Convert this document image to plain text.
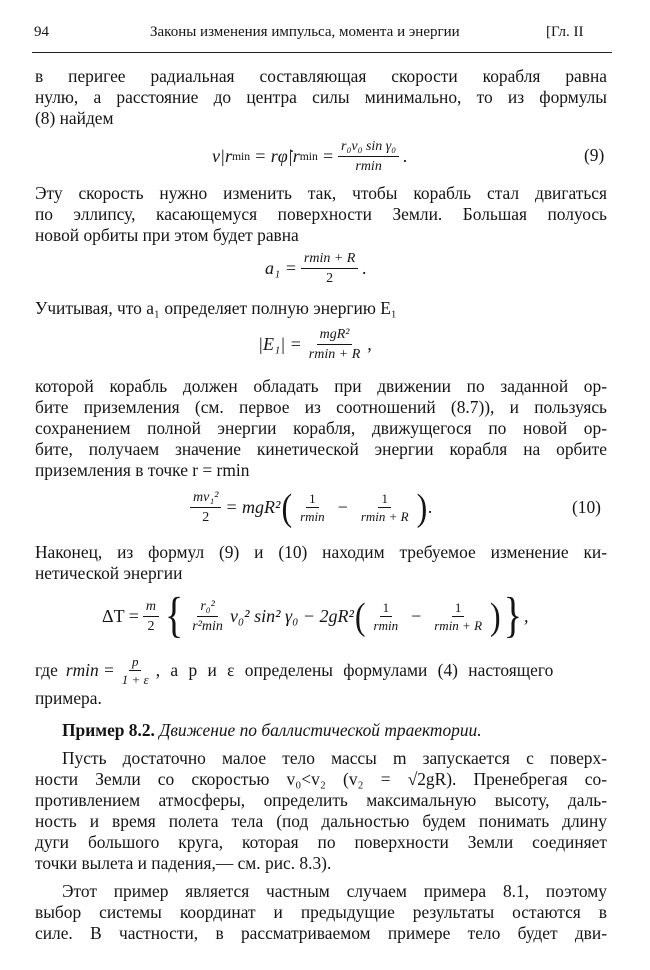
94	Законы изменения импульса, момента и энергии	[Гл. II
в перигее радиальная составляющая скорости корабля равна
нулю, а расстояние до центра силы минимально, то из формулы
(8) найдем
v|r min = rφ̇|r $\min = \frac{\text{r₀v₀ sin γ₀}}{rmin}$ .	(9)
Эту скорость нужно изменить так, чтобы корабль стал двигаться
по эллипсу, касающемуся поверхности Земли. Большая полуось
новой орбиты при этом будет равна
$a_1 = \frac{rmin + R}{2}$ .
Учитывая, что a₁ определяет полную энергию E₁
$|E_1| = \frac{\text{mgR²}}{rmin + R}$ ,
которой корабль должен обладать при движении по заданной ор-
бите приземления (см. первое из соотношений (8.7)), и пользуясь
сохранением полной энергии корабля, движущегося по новой ор-
бите, получаем значение кинетической энергии корабля на орбите
приземления в точке r = rmin
$\frac{\text{mv₁²}}{2} = mgR^2$ ( $\frac{1}{rmin} - \frac{1}{rmin + R}$ ) .	(10)
Наконец, из формул (9) и (10) находим требуемое изменение ки-
нетической энергии
$\Delta T = \frac{m}{2}$ { $\frac{\text{r₀²}}{\text{r²min}} v_0^2$ sin² γ₀ − 2gR² ( $\frac{1}{rmin} - \frac{1}{rmin + R}$ ) } ,
где $rmin = \frac{p}{1 + \varepsilon}$ , а p и ε определены формулами (4) настоящего
примера.
Пример 8.2. Движение по баллистической траектории.
Пусть достаточно малое тело массы m запускается с поверх-
ности Земли со скоростью v₀<v₂ (v₂ = √2gR). Пренебрегая со-
противлением атмосферы, определить максимальную высоту, даль-
ность и время полета тела (под дальностью будем понимать длину
дуги большого круга, которая по поверхности Земли соединяет
точки вылета и падения,— см. рис. 8.3).
Этот пример является частным случаем примера 8.1, поэтому
выбор системы координат и предыдущие результаты остаются в
силе. В частности, в рассматриваемом примере тело будет дви-
